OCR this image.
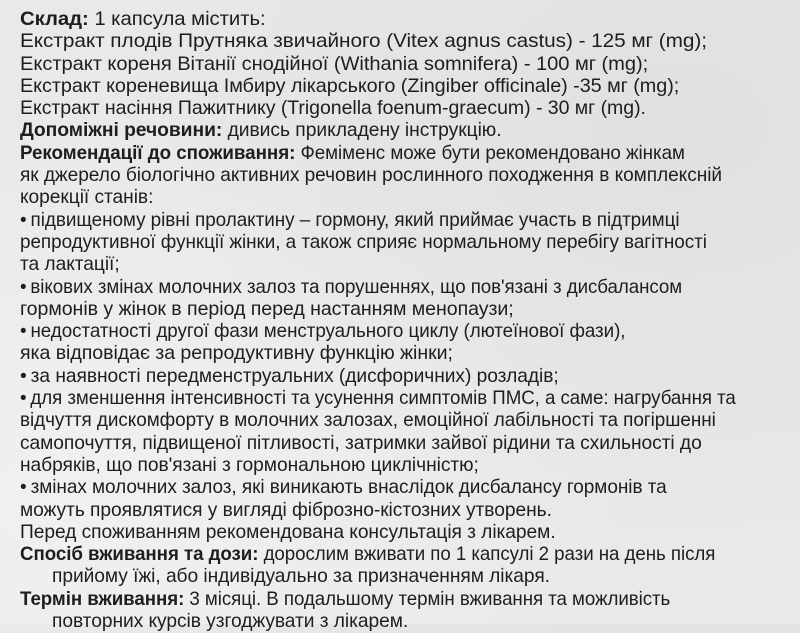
Склад: 1 капсула містить:
Екстракт плодів Прутняка звичайного (Vitex agnus castus) - 125 мг (mg);
Екстракт кореня Вітанії снодійної (Withania somnifera) - 100 мг (mg);
Екстракт кореневища Імбиру лікарського (Zingiber officinale) -35 мг (mg);
Екстракт насіння Пажитнику (Trigonella foenum-graecum) - 30 мг (mg).
Допоміжні речовини: дивись прикладену інструкцію.
Рекомендації до споживання: Феміменс може бути рекомендовано жінкам
як джерело біологічно активних речовин рослинного походження в комплексній
корекції станів:
• підвищеному рівні пролактину – гормону, який приймає участь в підтримці
репродуктивної функції жінки, а також сприяє нормальному перебігу вагітності
та лактації;
• вікових змінах молочних залоз та порушеннях, що пов'язані з дисбалансом
гормонів у жінок в період перед настанням менопаузи;
• недостатності другої фази менструального циклу (лютеїнової фази),
яка відповідає за репродуктивну функцію жінки;
• за наявності передменструальних (дисфоричних) розладів;
• для зменшення інтенсивності та усунення симптомів ПМС, а саме: нагрубання та
відчуття дискомфорту в молочних залозах, емоційної лабільності та погіршенні
самопочуття, підвищеної пітливості, затримки зайвої рідини та схильності до
набряків, що пов'язані з гормональною циклічністю;
• змінах молочних залоз, які виникають внаслідок дисбалансу гормонів та
можуть проявлятися у вигляді фіброзно-кістозних утворень.
Перед споживанням рекомендована консультація з лікарем.
Спосіб вживання та дози: дорослим вживати по 1 капсулі 2 рази на день після
прийому їжі, або індивідуально за призначенням лікаря.
Термін вживання: 3 місяці. В подальшому термін вживання та можливість
повторних курсів узгоджувати з лікарем.
